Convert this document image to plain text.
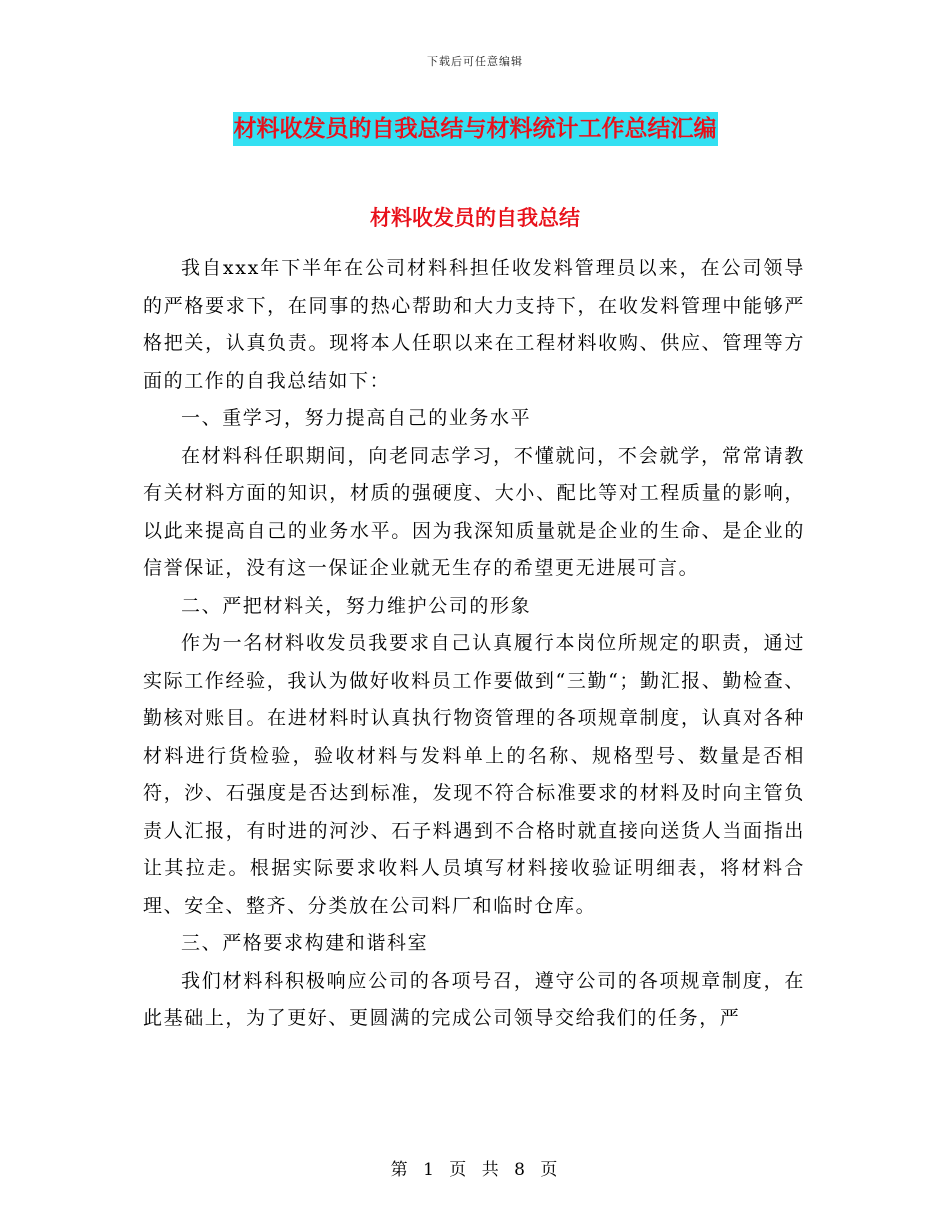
下载后可任意编辑
材料收发员的自我总结与材料统计工作总结汇编
材料收发员的自我总结

我自xxx年下半年在公司材料科担任收发料管理员以来，在公司领导的严格要求下，在同事的热心帮助和大力支持下，在收发料管理中能够严格把关，认真负责。现将本人任职以来在工程材料收购、供应、管理等方面的工作的自我总结如下：

一、重学习，努力提高自己的业务水平

在材料科任职期间，向老同志学习，不懂就问，不会就学，常常请教有关材料方面的知识，材质的强硬度、大小、配比等对工程质量的影响，以此来提高自己的业务水平。因为我深知质量就是企业的生命、是企业的信誉保证，没有这一保证企业就无生存的希望更无进展可言。

二、严把材料关，努力维护公司的形象

作为一名材料收发员我要求自己认真履行本岗位所规定的职责，通过实际工作经验，我认为做好收料员工作要做到“三勤“；勤汇报、勤检查、勤核对账目。在进材料时认真执行物资管理的各项规章制度，认真对各种材料进行货检验，验收材料与发料单上的名称、规格型号、数量是否相符，沙、石强度是否达到标准，发现不符合标准要求的材料及时向主管负责人汇报，有时进的河沙、石子料遇到不合格时就直接向送货人当面指出让其拉走。根据实际要求收料人员填写材料接收验证明细表，将材料合理、安全、整齐、分类放在公司料厂和临时仓库。

三、严格要求构建和谐科室

我们材料科积极响应公司的各项号召，遵守公司的各项规章制度，在此基础上，为了更好、更圆满的完成公司领导交给我们的任务，严

第 1 页 共 8 页
